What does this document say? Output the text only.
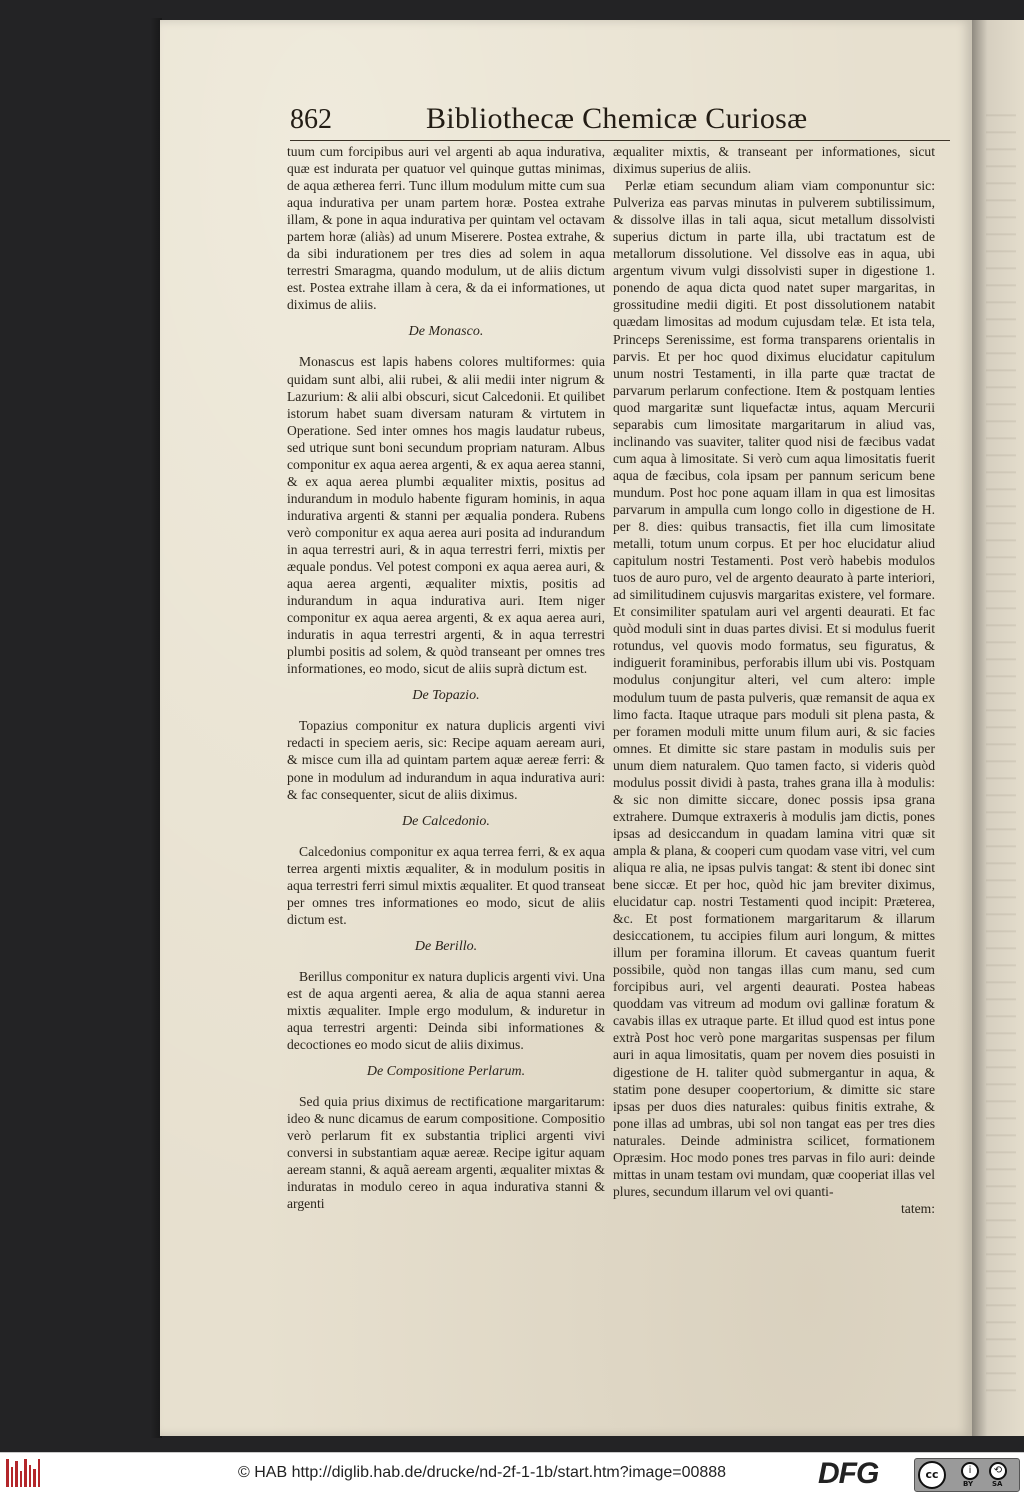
862	Bibliothecæ Chemicæ Curiosæ

tuum cum forcipibus auri vel argenti ab aqua indurativa, quæ est indurata per quatuor vel quinque guttas minimas, de aqua ætherea ferri. Tunc illum modulum mitte cum sua aqua indurativa per unam partem horæ. Postea extrahe illam, & pone in aqua indurativa per quintam vel octavam partem horæ (aliàs) ad unum Miserere. Postea extrahe, & da sibi indurationem per tres dies ad solem in aqua terrestri Smaragma, quando modulum, ut de aliis dictum est. Postea extrahe illam à cera, & da ei informationes, ut diximus de aliis.

De Monasco.

Monascus est lapis habens colores multiformes: quia quidam sunt albi, alii rubei, & alii medii inter nigrum & Lazurium: & alii albi obscuri, sicut Calcedonii. Et quilibet istorum habet suam diversam naturam & virtutem in Operatione. Sed inter omnes hos magis laudatur rubeus, sed utrique sunt boni secundum propriam naturam. Albus componitur ex aqua aerea argenti, & ex aqua aerea stanni, & ex aqua aerea plumbi æqualiter mixtis, positus ad indurandum in modulo habente figuram hominis, in aqua indurativa argenti & stanni per æqualia pondera. Rubens verò componitur ex aqua aerea auri posita ad indurandum in aqua terrestri auri, & in aqua terrestri ferri, mixtis per æquale pondus. Vel potest componi ex aqua aerea auri, & aqua aerea argenti, æqualiter mixtis, positis ad indurandum in aqua indurativa auri. Item niger componitur ex aqua aerea argenti, & ex aqua aerea auri, induratis in aqua terrestri argenti, & in aqua terrestri plumbi positis ad solem, & quòd transeant per omnes tres informationes, eo modo, sicut de aliis suprà dictum est.

De Topazio.

Topazius componitur ex natura duplicis argenti vivi redacti in speciem aeris, sic: Recipe aquam aeream auri, & misce cum illa ad quintam partem aquæ aereæ ferri: & pone in modulum ad indurandum in aqua indurativa auri: & fac consequenter, sicut de aliis diximus.

De Calcedonio.

Calcedonius componitur ex aqua terrea ferri, & ex aqua terrea argenti mixtis æqualiter, & in modulum positis in aqua terrestri ferri simul mixtis æqualiter. Et quod transeat per omnes tres informationes eo modo, sicut de aliis dictum est.

De Berillo.

Berillus componitur ex natura duplicis argenti vivi. Una est de aqua argenti aerea, & alia de aqua stanni aerea mixtis æqualiter. Imple ergo modulum, & induretur in aqua terrestri argenti: Deinda sibi informationes & decoctiones eo modo sicut de aliis diximus.

De Compositione Perlarum.

Sed quia prius diximus de rectificatione margaritarum: ideo & nunc dicamus de earum compositione. Compositio verò perlarum fit ex substantia triplici argenti vivi conversi in substantiam aquæ aereæ. Recipe igitur aquam aeream stanni, & aquã aeream argenti, æqualiter mixtas & induratas in modulo cereo in aqua indurativa stanni & argenti

æqualiter mixtis, & transeant per informationes, sicut diximus superius de aliis.

Perlæ etiam secundum aliam viam componuntur sic: Pulveriza eas parvas minutas in pulverem subtilissimum, & dissolve illas in tali aqua, sicut metallum dissolvisti superius dictum in parte illa, ubi tractatum est de metallorum dissolutione. Vel dissolve eas in aqua, ubi argentum vivum vulgi dissolvisti super in digestione 1. ponendo de aqua dicta quod natet super margaritas, in grossitudine medii digiti. Et post dissolutionem natabit quædam limositas ad modum cujusdam telæ. Et ista tela, Princeps Serenissime, est forma transparens orientalis in parvis. Et per hoc quod diximus elucidatur capitulum unum nostri Testamenti, in illa parte quæ tractat de parvarum perlarum confectione. Item & postquam lenties quod margaritæ sunt liquefactæ intus, aquam Mercurii separabis cum limositate margaritarum in aliud vas, inclinando vas suaviter, taliter quod nisi de fæcibus vadat cum aqua à limositate. Si verò cum aqua limositatis fuerit aqua de fæcibus, cola ipsam per pannum sericum bene mundum. Post hoc pone aquam illam in qua est limositas parvarum in ampulla cum longo collo in digestione de H. per 8. dies: quibus transactis, fiet illa cum limositate metalli, totum unum corpus. Et per hoc elucidatur aliud capitulum nostri Testamenti. Post verò habebis modulos tuos de auro puro, vel de argento deaurato à parte interiori, ad similitudinem cujusvis margaritas existere, vel formare. Et consimiliter spatulam auri vel argenti deaurati. Et fac quòd moduli sint in duas partes divisi. Et si modulus fuerit rotundus, vel quovis modo formatus, seu figuratus, & indiguerit foraminibus, perforabis illum ubi vis. Postquam modulus conjungitur alteri, vel cum altero: imple modulum tuum de pasta pulveris, quæ remansit de aqua ex limo facta. Itaque utraque pars moduli sit plena pasta, & per foramen moduli mitte unum filum auri, & sic facies omnes. Et dimitte sic stare pastam in modulis suis per unum diem naturalem. Quo tamen facto, si videris quòd modulus possit dividi à pasta, trahes grana illa à modulis: & sic non dimitte siccare, donec possis ipsa grana extrahere. Dumque extraxeris à modulis jam dictis, pones ipsas ad desiccandum in quadam lamina vitri quæ sit ampla & plana, & cooperi cum quodam vase vitri, vel cum aliqua re alia, ne ipsas pulvis tangat: & stent ibi donec sint bene siccæ. Et per hoc, quòd hic jam breviter diximus, elucidatur cap. nostri Testamenti quod incipit: Præterea, &c. Et post formationem margaritarum & illarum desiccationem, tu accipies filum auri longum, & mittes illum per foramina illorum. Et caveas quantum fuerit possibile, quòd non tangas illas cum manu, sed cum forcipibus auri, vel argenti deaurati. Postea habeas quoddam vas vitreum ad modum ovi gallinæ foratum & cavabis illas ex utraque parte. Et illud quod est intus pone extrà Post hoc verò pone margaritas suspensas per filum auri in aqua limositatis, quam per novem dies posuisti in digestione de H. taliter quòd submergantur in aqua, & statim pone desuper coopertorium, & dimitte sic stare ipsas per duos dies naturales: quibus finitis extrahe, & pone illas ad umbras, ubi sol non tangat eas per tres dies naturales. Deinde administra scilicet, formationem Opræsim. Hoc modo pones tres parvas in filo auri: deinde mittas in unam testam ovi mundam, quæ cooperiat illas vel plures, secundum illarum vel ovi quanti-

tatem:
© HAB http://diglib.hab.de/drucke/nd-2f-1-1b/start.htm?image=00888	DFG	cc	i	⟲
BY	SA
